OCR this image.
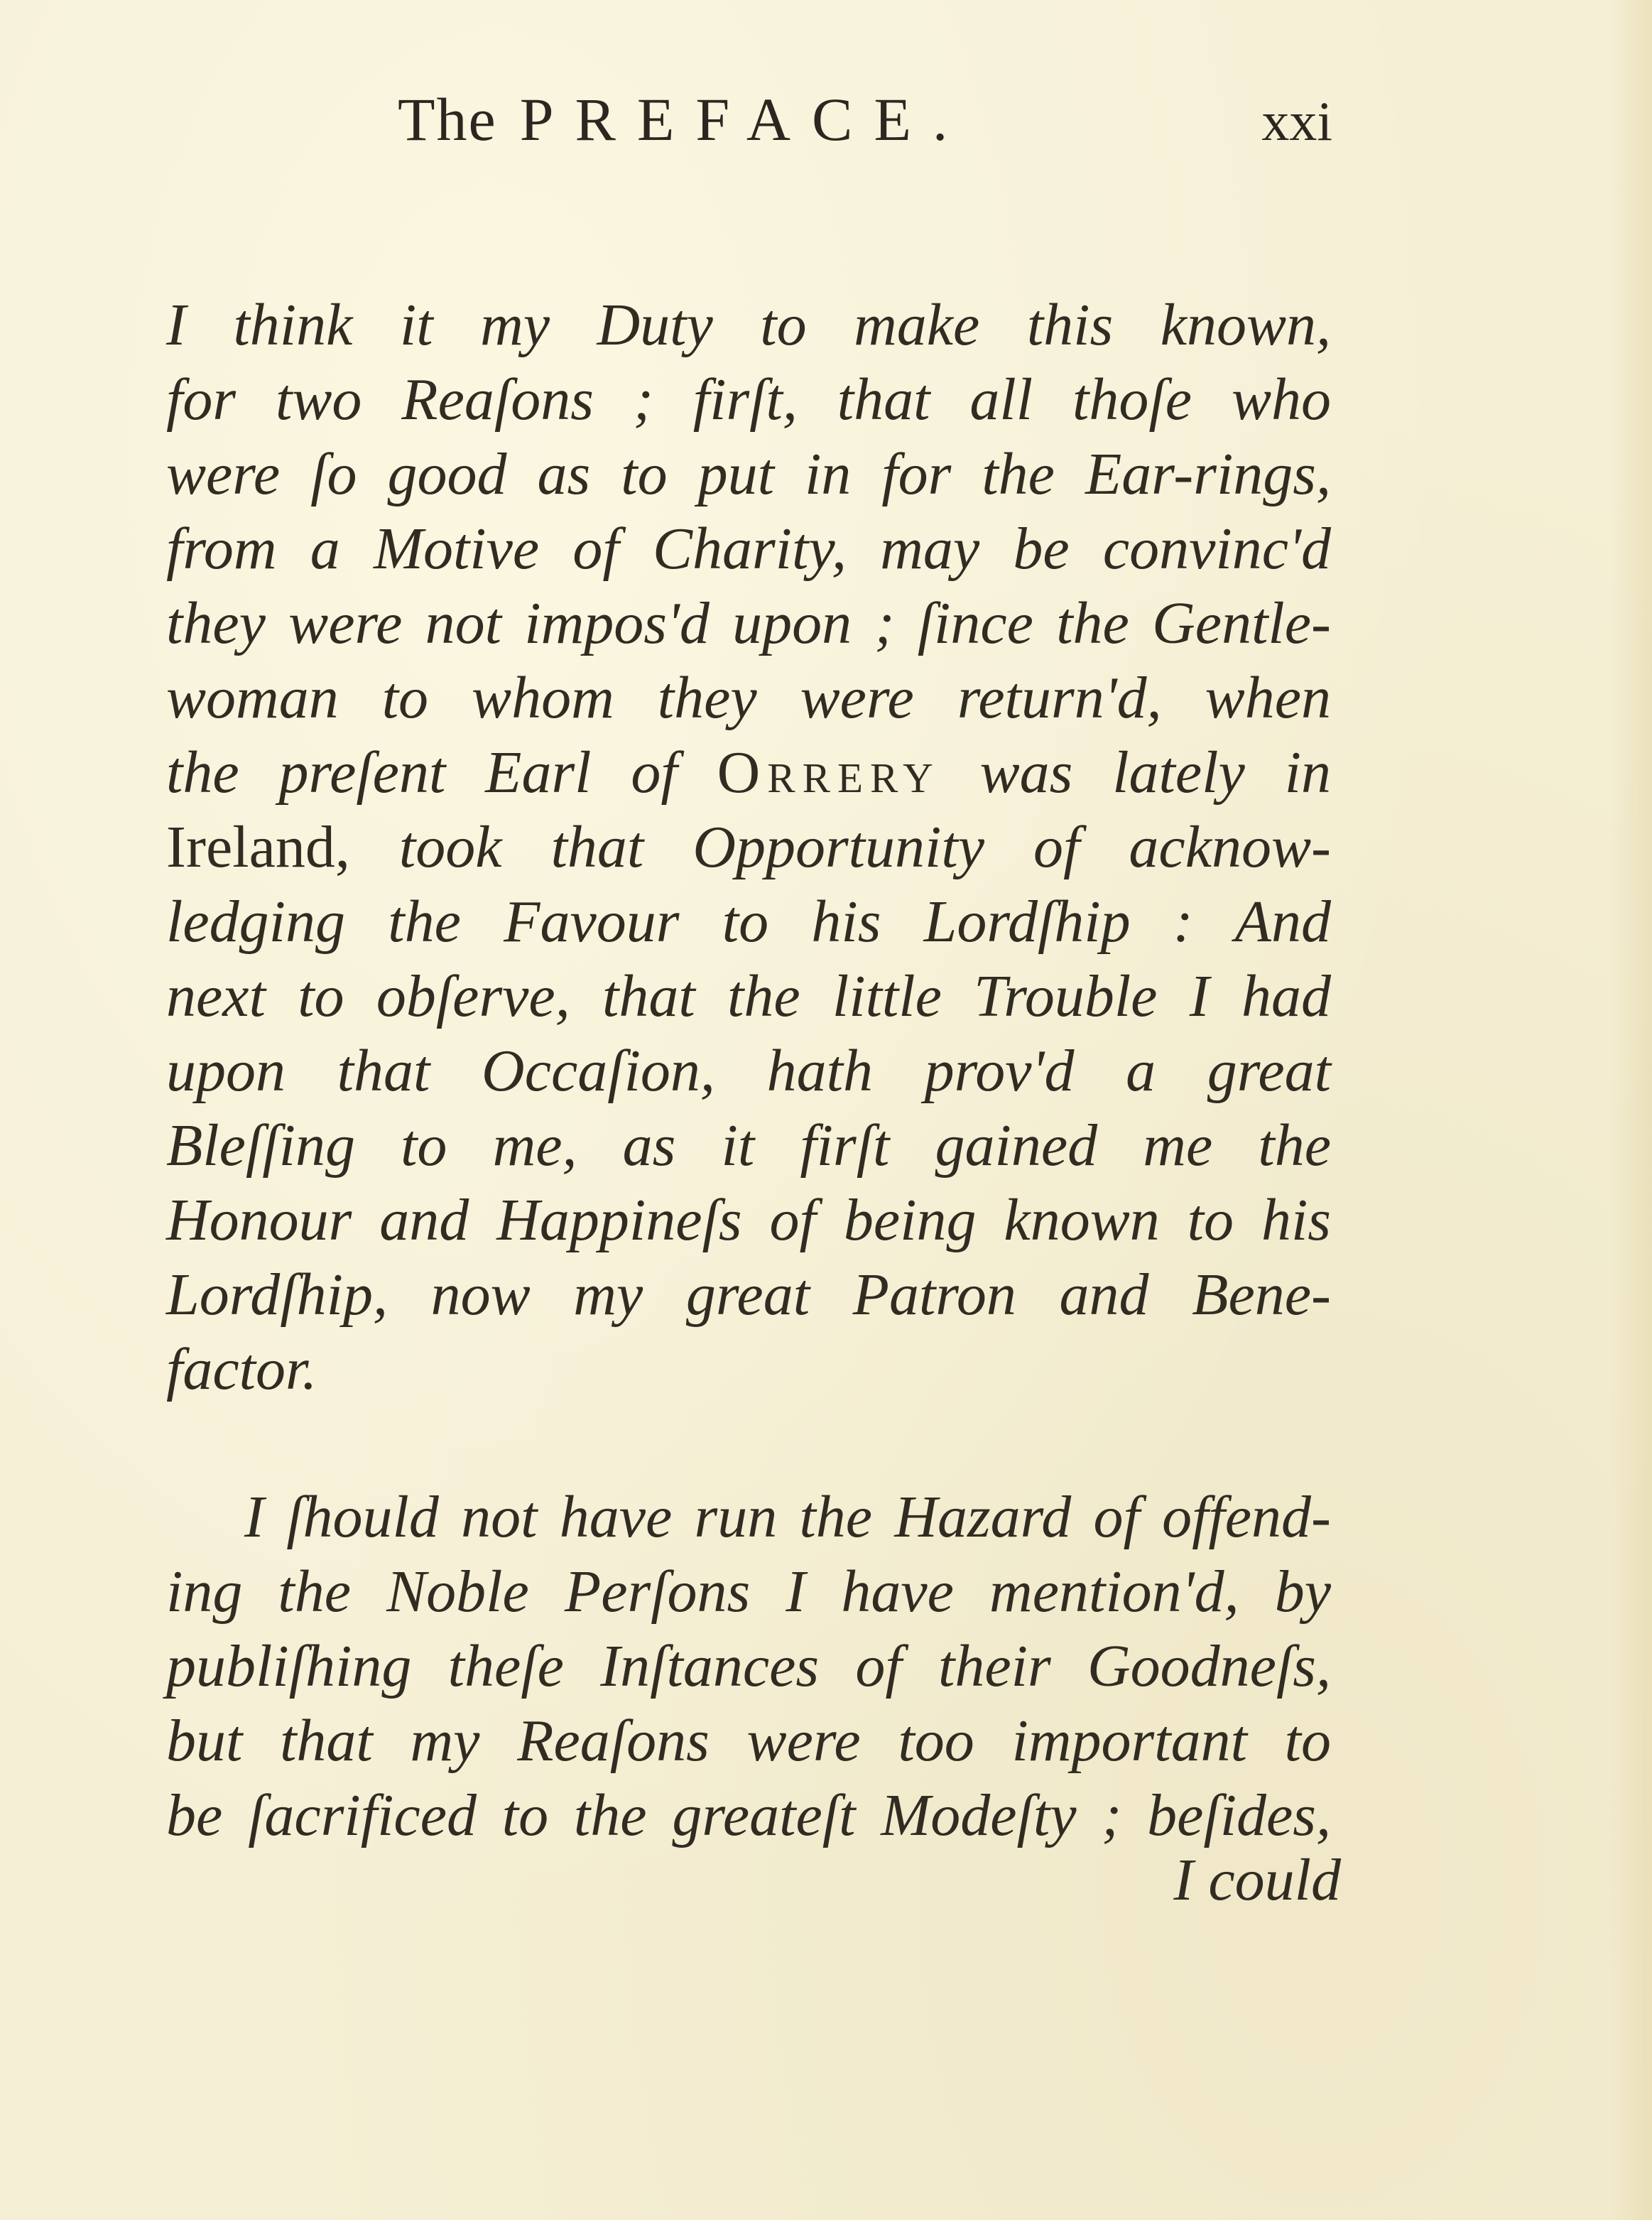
The PREFACE.	xxi
I think it my Duty to make this known,
for two Reaſons ; firſt, that all thoſe who
were ſo good as to put in for the Ear-rings,
from a Motive of Charity, may be convinc'd
they were not impos'd upon ; ſince the Gentle-
woman to whom they were return'd, when
the preſent Earl of Orrery was lately in
Ireland, took that Opportunity of acknow-
ledging the Favour to his Lordſhip : And
next to obſerve, that the little Trouble I had
upon that Occaſion, hath prov'd a great
Bleſſing to me, as it firſt gained me the
Honour and Happineſs of being known to his
Lordſhip, now my great Patron and Bene-
factor.
I ſhould not have run the Hazard of offend-
ing the Noble Perſons I have mention'd, by
publiſhing theſe Inſtances of their Goodneſs,
but that my Reaſons were too important to
be ſacrificed to the greateſt Modeſty ; beſides,
I could
